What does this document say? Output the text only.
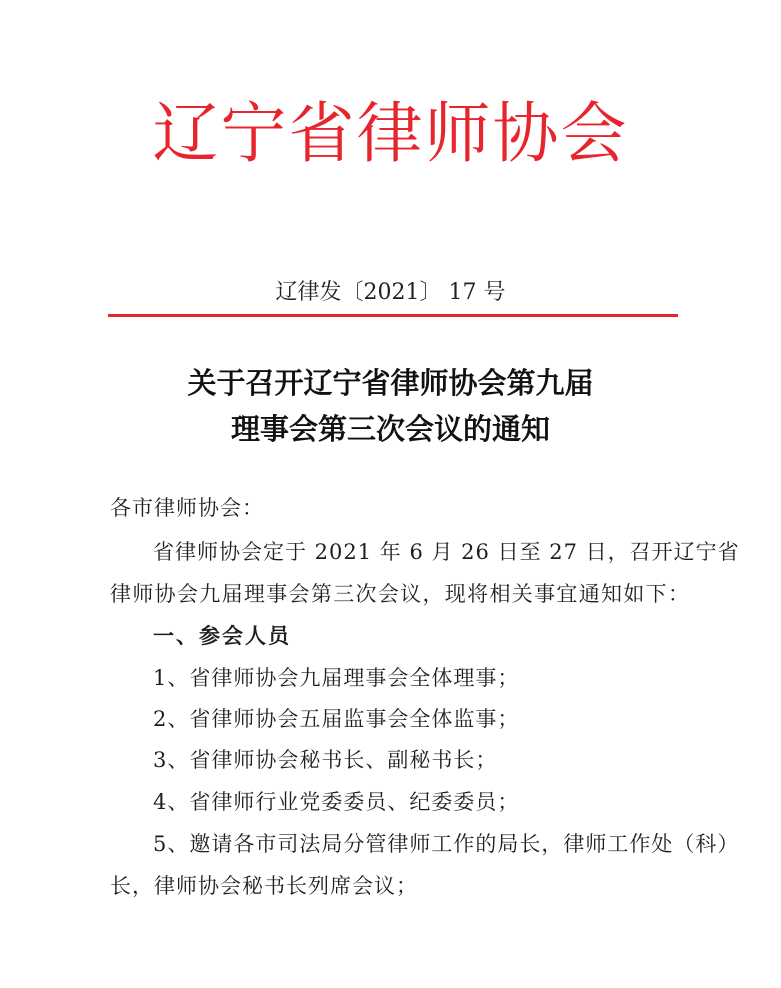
辽宁省律师协会
辽律发〔2021〕 17 号
关于召开辽宁省律师协会第九届
理事会第三次会议的通知
各市律师协会：
省律师协会定于 2021 年 6 月 26 日至 27 日，召开辽宁省
律师协会九届理事会第三次会议，现将相关事宜通知如下：
一、参会人员
1、省律师协会九届理事会全体理事；
2、省律师协会五届监事会全体监事；
3、省律师协会秘书长、副秘书长；
4、省律师行业党委委员、纪委委员；
5、邀请各市司法局分管律师工作的局长，律师工作处（科）
长，律师协会秘书长列席会议；
